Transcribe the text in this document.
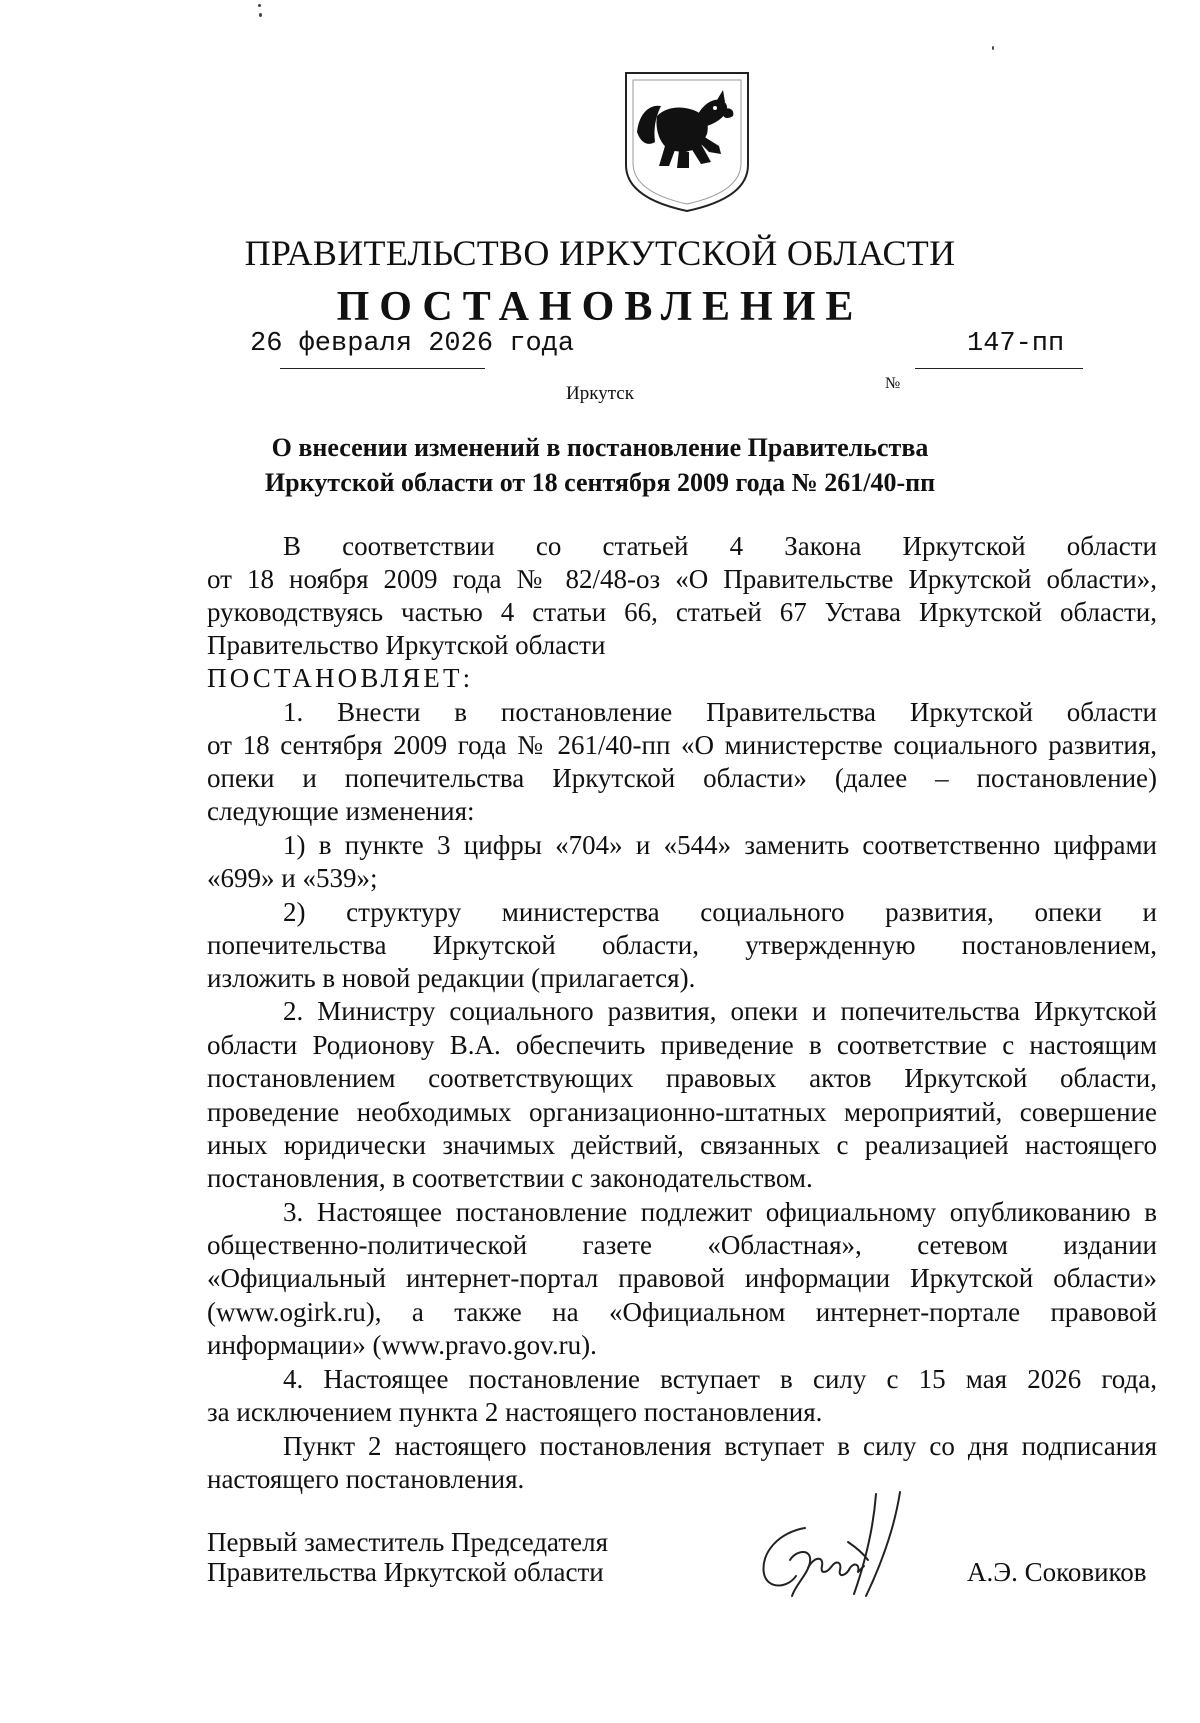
ПРАВИТЕЛЬСТВО ИРКУТСКОЙ ОБЛАСТИ
ПОСТАНОВЛЕНИЕ
26 февраля 2026 года
№
147-пп
Иркутск
О внесении изменений в постановление Правительства
Иркутской области от 18 сентября 2009 года № 261/40-пп
В соответствии со статьей 4 Закона Иркутской области
от 18 ноября 2009 года № 82/48-оз «О Правительстве Иркутской области»,
руководствуясь частью 4 статьи 66, статьей 67 Устава Иркутской области,
Правительство Иркутской области
ПОСТАНОВЛЯЕТ:
1. Внести в постановление Правительства Иркутской области
от 18 сентября 2009 года № 261/40-пп «О министерстве социального развития,
опеки и попечительства Иркутской области» (далее – постановление)
следующие изменения:
1) в пункте 3 цифры «704» и «544» заменить соответственно цифрами
«699» и «539»;
2) структуру министерства социального развития, опеки и
попечительства Иркутской области, утвержденную постановлением,
изложить в новой редакции (прилагается).
2. Министру социального развития, опеки и попечительства Иркутской
области Родионову В.А. обеспечить приведение в соответствие с настоящим
постановлением соответствующих правовых актов Иркутской области,
проведение необходимых организационно-штатных мероприятий, совершение
иных юридически значимых действий, связанных с реализацией настоящего
постановления, в соответствии с законодательством.
3. Настоящее постановление подлежит официальному опубликованию в
общественно-политической газете «Областная», сетевом издании
«Официальный интернет-портал правовой информации Иркутской области»
(www.ogirk.ru), а также на «Официальном интернет-портале правовой
информации» (www.pravo.gov.ru).
4. Настоящее постановление вступает в силу с 15 мая 2026 года,
за исключением пункта 2 настоящего постановления.
Пункт 2 настоящего постановления вступает в силу со дня подписания
настоящего постановления.
Первый заместитель Председателя
Правительства Иркутской области	А.Э. Соковиков
